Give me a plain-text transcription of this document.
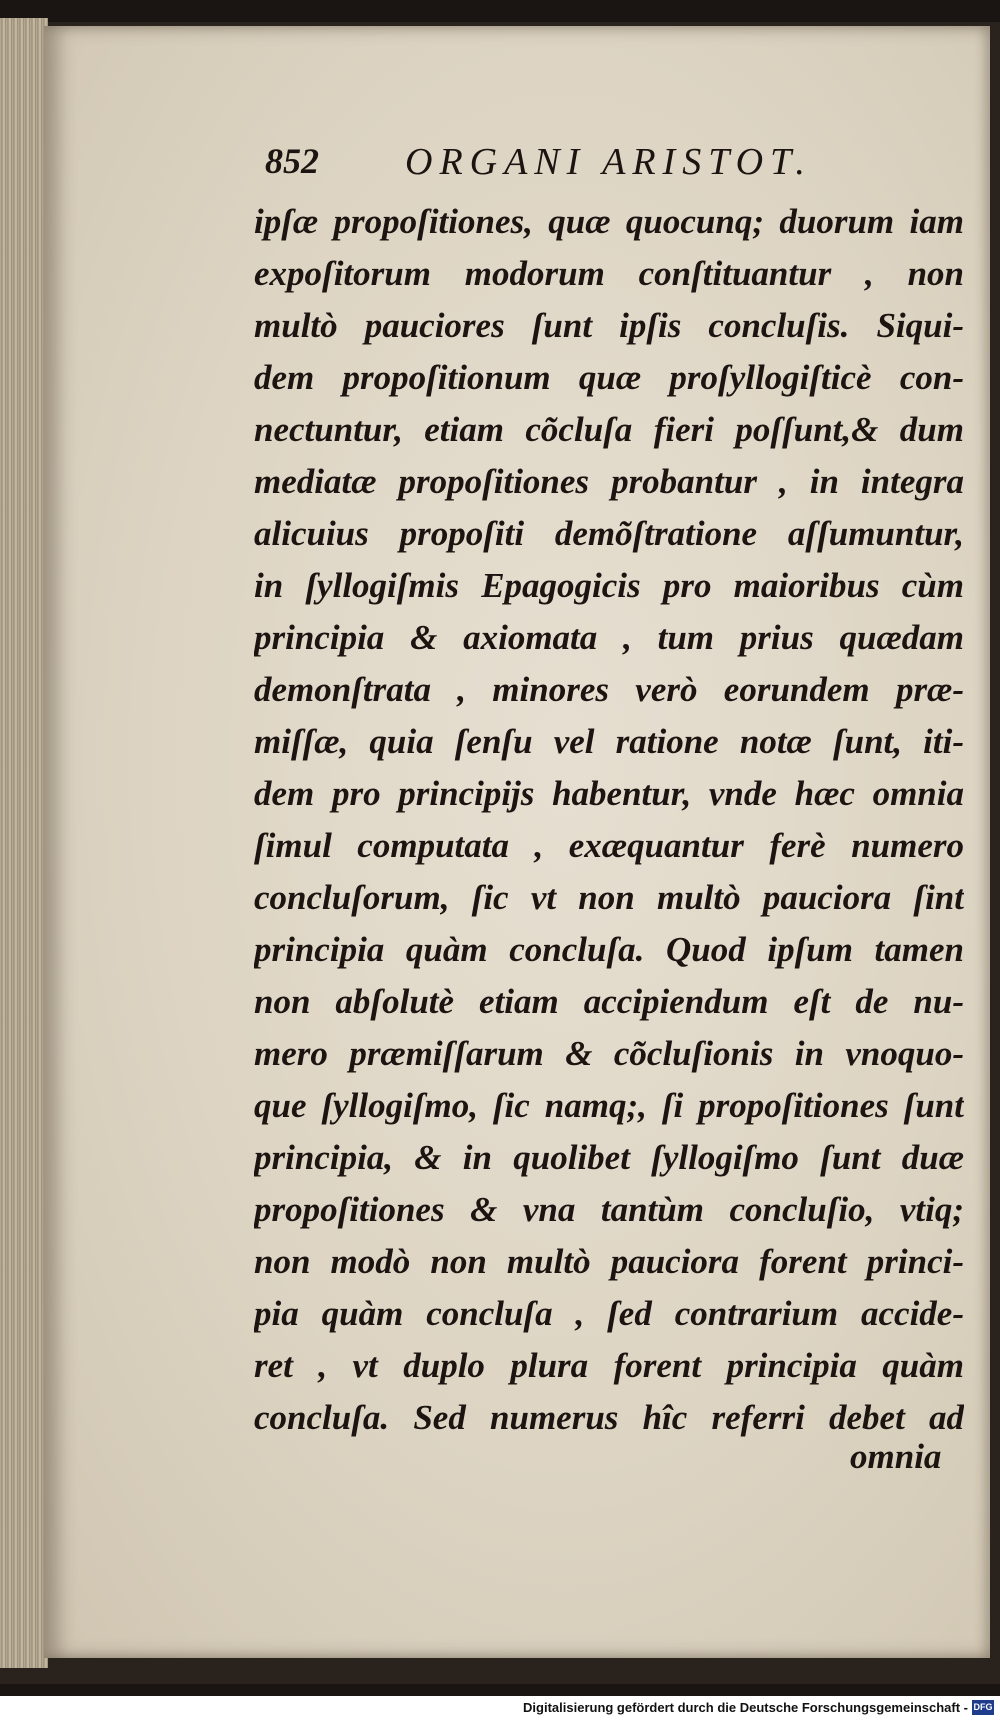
852 ORGANI ARISTOT.
ipſæ propoſitiones, quæ quocunq; duorum iam
expoſitorum modorum conſtituantur , non
multò pauciores ſunt ipſis concluſis. Siqui-
dem propoſitionum quæ proſyllogiſticè con-
nectuntur, etiam cõcluſa fieri poſſunt,& dum
mediatæ propoſitiones probantur , in integra
alicuius propoſiti demõſtratione aſſumuntur,
in ſyllogiſmis Epagogicis pro maioribus cùm
principia & axiomata , tum prius quædam
demonſtrata , minores verò eorundem præ-
miſſæ, quia ſenſu vel ratione notæ ſunt, iti-
dem pro principijs habentur, vnde hæc omnia
ſimul computata , exæquantur ferè numero
concluſorum, ſic vt non multò pauciora ſint
principia quàm concluſa. Quod ipſum tamen
non abſolutè etiam accipiendum eſt de nu-
mero præmiſſarum & cõcluſionis in vnoquo-
que ſyllogiſmo, ſic namq;, ſi propoſitiones ſunt
principia, & in quolibet ſyllogiſmo ſunt duæ
propoſitiones & vna tantùm concluſio, vtiq;
non modò non multò pauciora forent princi-
pia quàm concluſa , ſed contrarium accide-
ret , vt duplo plura forent principia quàm
concluſa. Sed numerus hîc referri debet ad
omnia
Digitalisierung gefördert durch die Deutsche Forschungsgemeinschaft - DFG
